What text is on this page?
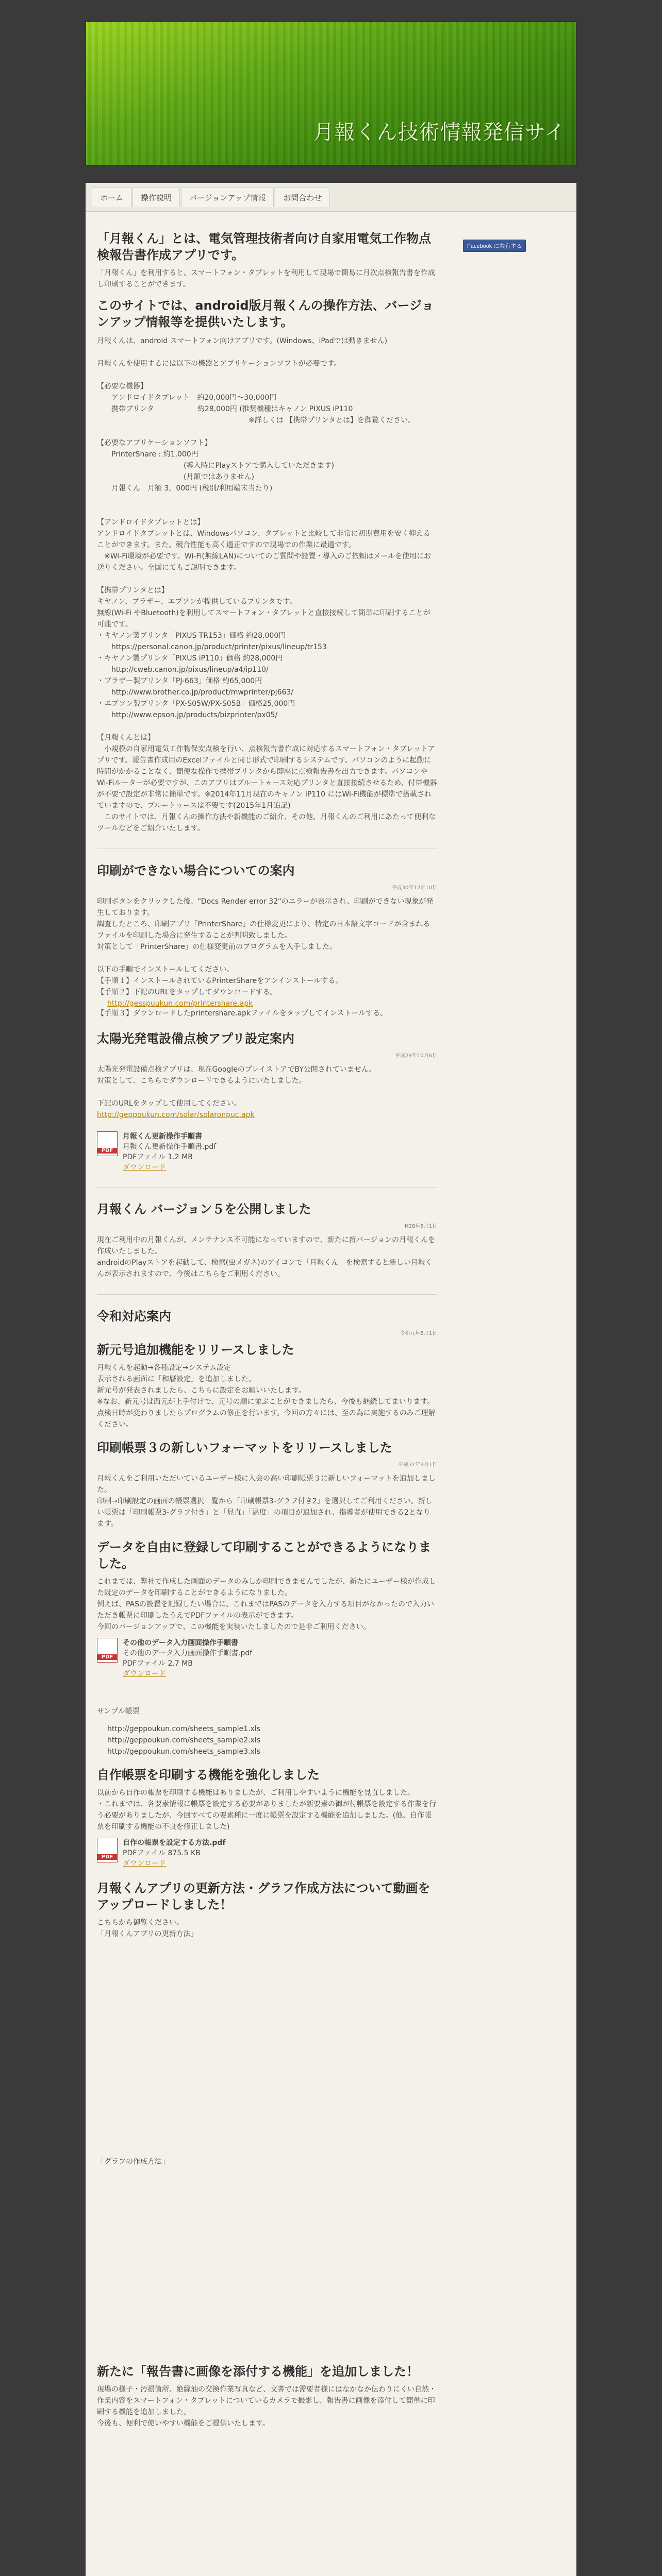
月報くん技術情報発信サイ
ホーム	操作説明	バージョンアップ情報	お問合わせ
Facebook に共有する
「月報くん」とは、電気管理技術者向け自家用電気工作物点検報告書作成アプリです。

「月報くん」を利用すると、スマートフォン・タブレットを利用して現場で簡易に月次点検報告書を作成し印刷することができます。

このサイトでは、android版月報くんの操作方法、バージョンアップ情報等を提供いたします。
月報くんは、android スマートフォン向けアプリです。(Windows、iPadでは動きません)

月報くんを使用するには以下の機器とアプリケーションソフトが必要です。

【必要な機器】
　　アンドロイドタブレット　約20,000円～30,000円
　　携帯プリンタ　　　　　　約28,000円 (推奨機種はキャノン PIXUS iP110
　　　　　　　　　　　　　　　　　　　　　※詳しくは 【携帯プリンタとは】を御覧ください。

【必要なアプリケーションソフト】
　　PrinterShare : 約1,000円
　　　　　　　　　　　　(導入時にPlayストアで購入していただきます)
　　　　　　　　　　　　(月額ではありません)
　　月報くん　月額 3，000円 (税別/利用端末当たり)

【アンドロイドタブレットとは】
アンドロイドタブレットとは、Windowsパソコン、タブレットと比較して非常に初期費用を安く抑えることができます。また、競合性能も高く適正ですので現場での作業に最適です。
　※Wi-Fi環境が必要です。Wi-Fi(無線LAN)についてのご質問や設置・導入のご依頼はメールを使用にお送りください。全国にてもご説明できます。

【携帯プリンタとは】
キヤノン、ブラザー、エプソンが提供しているプリンタです。
無線(Wi-Fi やBluetooth)を利用してスマートフォン・タブレットと直接接続して簡単に印刷することが可能です。
・キヤノン製プリンタ「PIXUS TR153」価格 約28,000円
　　https://personal.canon.jp/product/printer/pixus/lineup/tr153
・キヤノン製プリンタ「PIXUS iP110」価格 約28,000円
　　http://cweb.canon.jp/pixus/lineup/a4/ip110/
・ブラザー製プリンタ「PJ-663」価格 約65,000円
　　http://www.brother.co.jp/product/mwprinter/pj663/
・エプソン製プリンタ「PX-S05W/PX-S05B」価格25,000円
　　http://www.epson.jp/products/bizprinter/px05/

【月報くんとは】
　小規模の自家用電気工作物保安点検を行い、点検報告書作成に対応するスマートフォン・タブレットアプリです。報告書作成用のExcelファイルと同じ形式で印刷するシステムです。パソコンのように起動に時間がかかることなく、簡便な操作で携帯プリンタから即座に点検報告書を出力できます。パソコンやWi-Fiルーターが必要ですが、このアプリはブルートゥース対応プリンタと直接接続させるため、付帯機器が不要で設定が非常に簡単です。※2014年11月現在のキャノン iP110 にはWi-Fi機能が標準で搭載されていますので、ブルートゥースは不要です(2015年1月追記)
　このサイトでは、月報くんの操作方法や新機能のご紹介、その他、月報くんのご利用にあたって便利なツールなどをご紹介いたします。
印刷ができない場合についての案内
平成30年12月10日
印刷ボタンをクリックした後、"Docs Render error 32"のエラーが表示され、印刷ができない現象が発生しております。
調査したところ、印刷アプリ「PrinterShare」の仕様変更により、特定の日本語文字コードが含まれるファイルを印刷した場合に発生することが判明致しました。
対策として「PrinterShare」の仕様変更前のプログラムを入手しました。

以下の手順でインストールしてください。
【手順１】インストールされているPrinterShareをアンインストールする。
【手順２】下記のURLをタップしてダウンロードする。
http://gesspuukun.com/printershare.apk
【手順３】ダウンロードしたprintershare.apkファイルをタップしてインストールする。
太陽光発電設備点検アプリ設定案内
平成29年10月6日
太陽光発電設備点検アプリは、現在GoogleのプレイストアでBY公開されていません。
対策として、こちらでダウンロードできるようにいたしました。

下記のURLをタップして使用してください。
http://geppoukun.com/solar/solaronpuc.apk
PDF
月報くん更新操作手順書
月報くん更新操作手順書.pdf
PDFファイル 1.2 MB
ダウンロード
月報くん バージョン５を公開しました
H28年5月1日
現在ご利用中の月報くんが、メンテナンス不可能になっていますので、新たに新バージョンの月報くんを作成いたしました。
androidのPlayストアを起動して、検索(虫メガネ)のアイコンで「月報くん」を検索すると新しい月報くんが表示されますので、今後はこちらをご利用ください。
令和対応案内
令和元年5月1日
新元号追加機能をリリースしました
月報くんを起動→各種設定→システム設定
表示される画面に「和暦設定」を追加しました。
新元号が発表されましたら、こちらに設定をお願いいたします。
※なお、新元号は西元が上手付けで、元号の順に並ぶことができましたら、今後も継続してまいります。
点検日時が変わりましたらプログラムの修正を行います。今回の方々には、至の為に実施するのみご理解ください。
印刷帳票３の新しいフォーマットをリリースしました
平成31年3月1日
月報くんをご利用いただいているユーザー様に入会の高い印刷帳票３に新しいフォーマットを追加しました。
印刷→印刷設定の画面の帳票選択一覧から「印刷帳票3-グラフ付き2」を選択してご利用ください。新しい帳票は「印刷帳票3-グラフ付き」と「見直」「温度」の項目が追加され、指導者が使用できる2となります。
データを自由に登録して印刷することができるようになりました。
これまでは、弊社で作成した画面のデータのみしか印刷できませんでしたが、新たにユーザー様が作成した既定のデータを印刷することができるようになりました。
例えば、PASの設置を記録したい場合に、これまではPASのデータを入力する項目がなかったので入力いただき帳票に印刷したうえでPDFファイルの表示ができます。
今回のバージョンアップで、この機能を実装いたしましたので是非ご利用ください。
PDF
その他のデータ入力画面操作手順書
その他のデータ入力画面操作手順書.pdf
PDFファイル 2.7 MB
ダウンロード
サンプル帳票
http://geppoukun.com/sheets_sample1.xls
http://geppoukun.com/sheets_sample2.xls
http://geppoukun.com/sheets_sample3.xls
自作帳票を印刷する機能を強化しました
以前から自作の帳票を印刷する機能はありましたが、ご利用しやすいように機能を見直しました。
・これまでは、各要素情報に帳票を設定する必要がありましたが新要素の御が付帳票を設定する作業を行う必要がありましたが、今回すべての要素種に一度に帳票を設定する機能を追加しました。(他、自作帳票を印刷する機能の不良を修正しました)
PDF
自作の帳票を設定する方法.pdf
PDFファイル 875.5 KB
ダウンロード
月報くんアプリの更新方法・グラフ作成方法について動画をアップロードしました！
こちらから御覧ください。
「月報くんアプリの更新方法」
「グラフの作成方法」
新たに「報告書に画像を添付する機能」を追加しました！
現場の様子・汚損箇所、絶縁油の交換作業写真など、文書では需要者様にはなかなか伝わりにくい自然・作業内容をスマートフォン・タブレットについているカメラで撮影し、報告書に画像を添付して簡単に印刷する機能を追加しました。
今後も、便利で使いやすい機能をご提供いたします。
